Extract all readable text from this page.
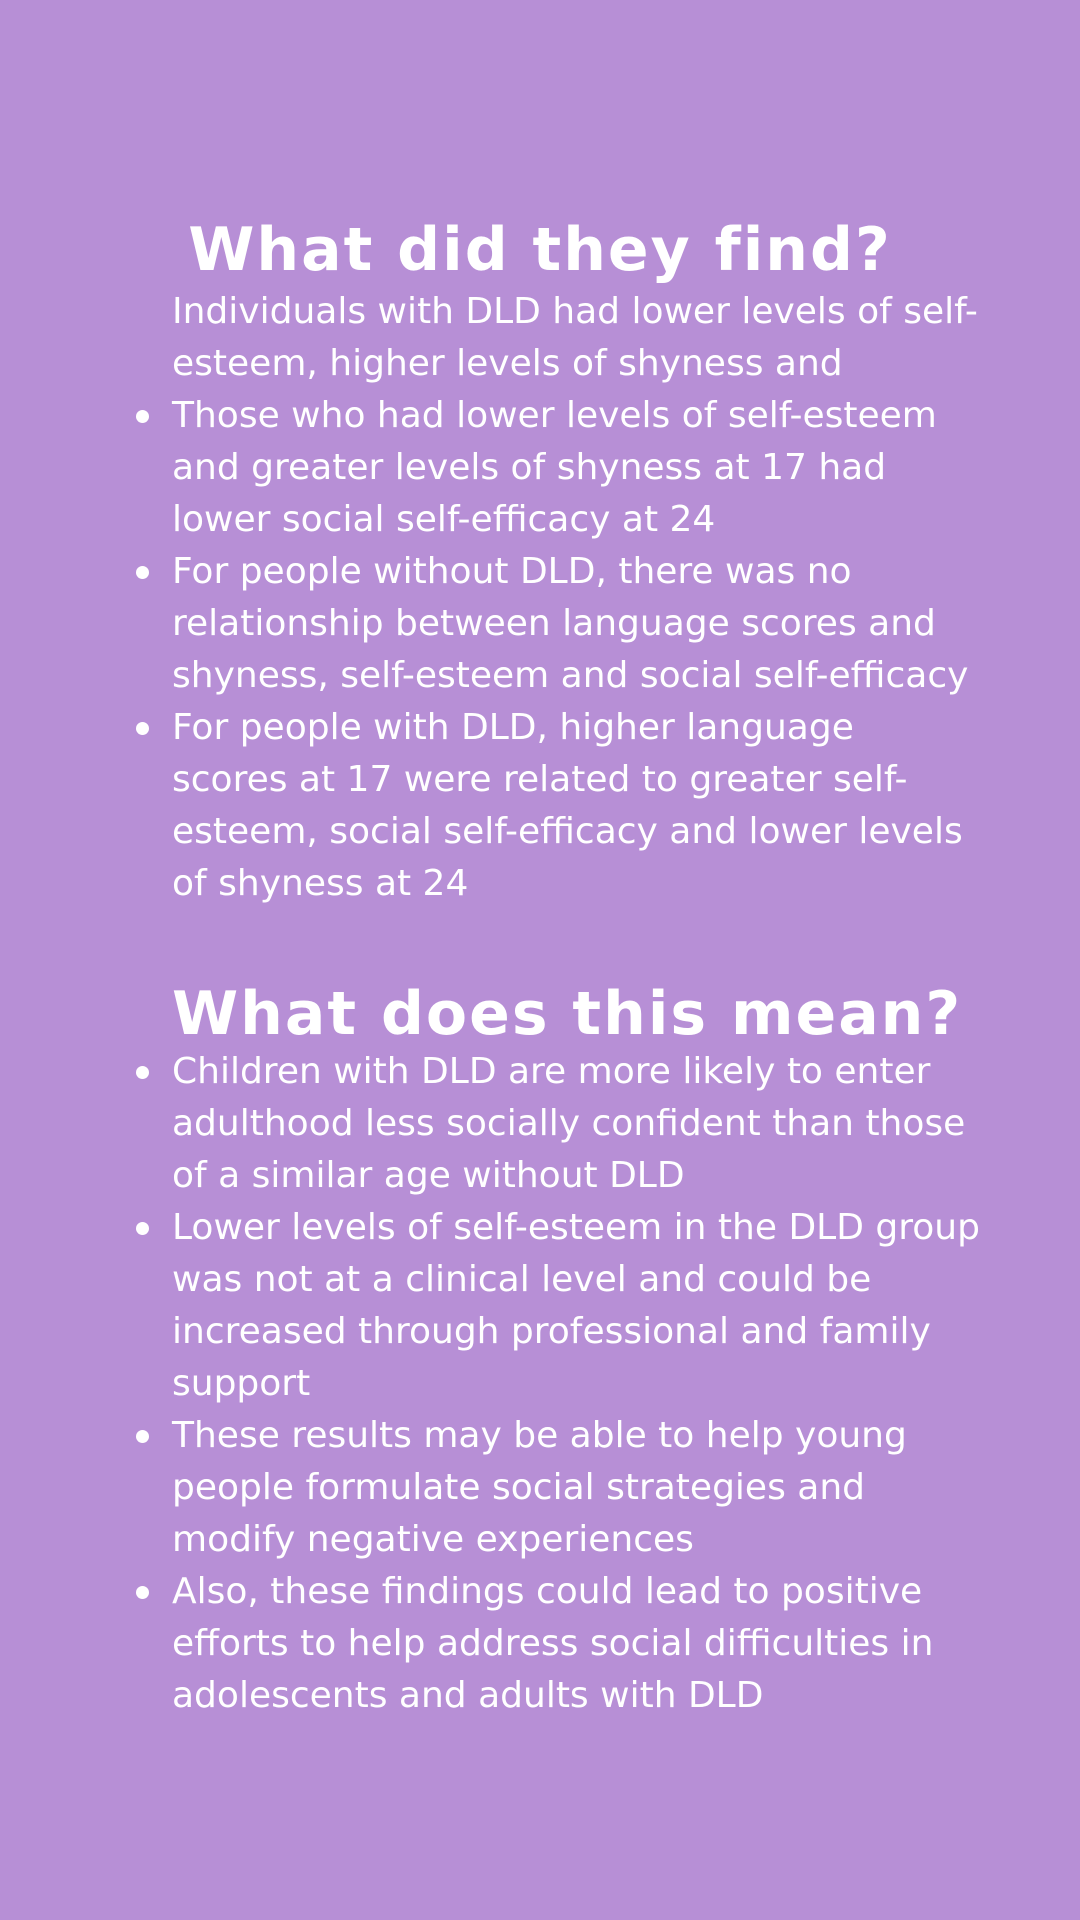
What did they find?
Individuals with DLD had lower levels of self-esteem, higher levels of shyness and
Those who had lower levels of self-esteem and greater levels of shyness at 17 had lower social self-efficacy at 24
For people without DLD, there was no relationship between language scores and shyness, self-esteem and social self-efficacy
For people with DLD, higher language scores at 17 were related to greater self-esteem, social self-efficacy and lower levels of shyness at 24
What does this mean?
Children with DLD are more likely to enter adulthood less socially confident than those of a similar age without DLD
Lower levels of self-esteem in the DLD group was not at a clinical level and could be increased through professional and family support
These results may be able to help young people formulate social strategies and modify negative experiences
Also, these findings could lead to positive efforts to help address social difficulties in adolescents and adults with DLD
